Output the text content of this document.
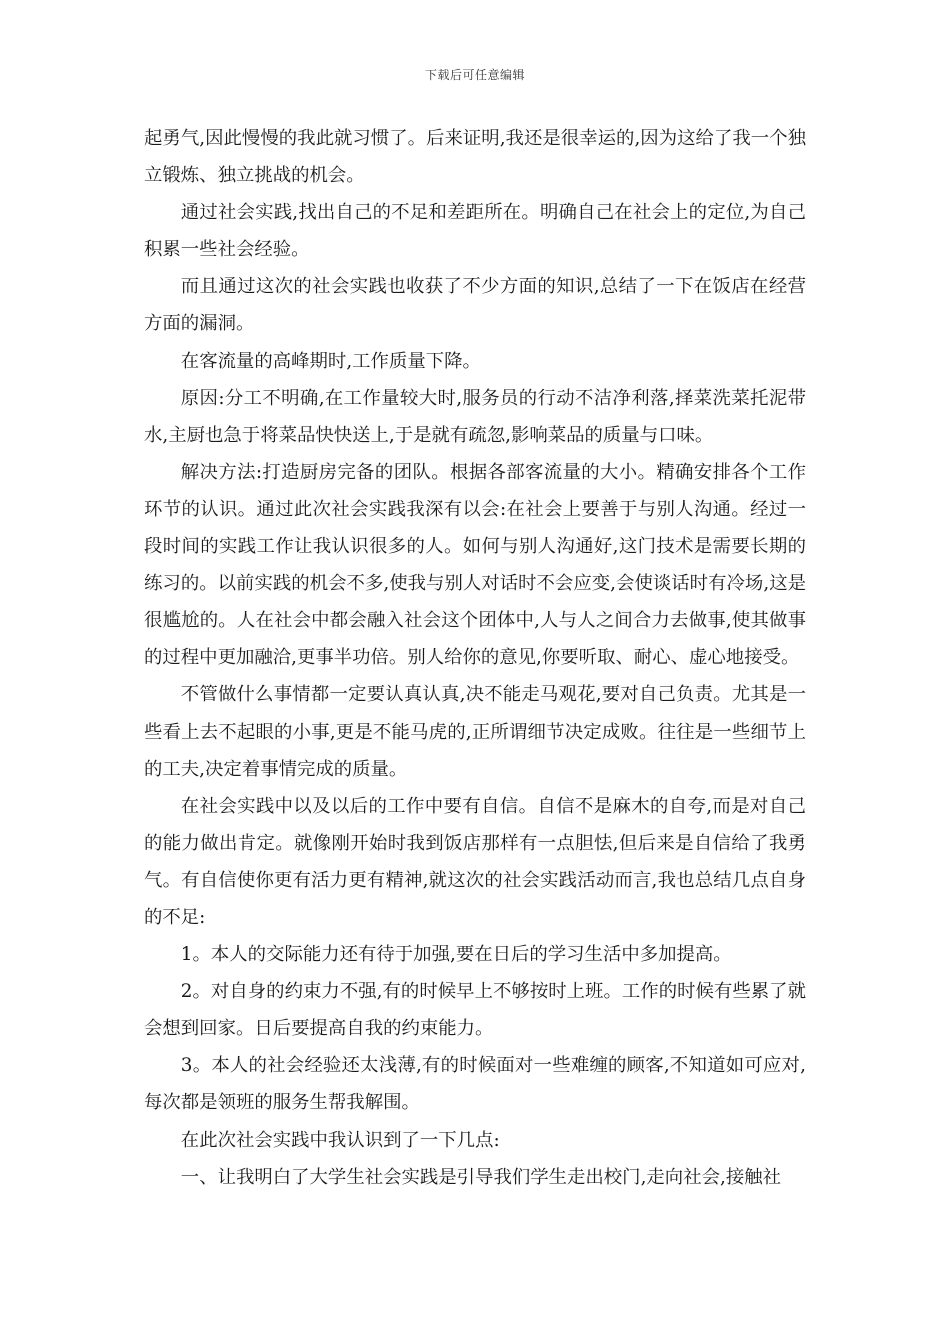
下载后可任意编辑

起勇气,因此慢慢的我此就习惯了。后来证明,我还是很幸运的,因为这给了我一个独立锻炼、独立挑战的机会。

通过社会实践,找出自己的不足和差距所在。明确自己在社会上的定位,为自己积累一些社会经验。

而且通过这次的社会实践也收获了不少方面的知识,总结了一下在饭店在经营方面的漏洞。

在客流量的高峰期时,工作质量下降。

原因:分工不明确,在工作量较大时,服务员的行动不洁净利落,择菜洗菜托泥带水,主厨也急于将菜品快快送上,于是就有疏忽,影响菜品的质量与口味。

解决方法:打造厨房完备的团队。根据各部客流量的大小。精确安排各个工作环节的认识。通过此次社会实践我深有以会:在社会上要善于与别人沟通。经过一段时间的实践工作让我认识很多的人。如何与别人沟通好,这门技术是需要长期的练习的。以前实践的机会不多,使我与别人对话时不会应变,会使谈话时有冷场,这是很尴尬的。人在社会中都会融入社会这个团体中,人与人之间合力去做事,使其做事的过程中更加融洽,更事半功倍。别人给你的意见,你要听取、耐心、虚心地接受。

不管做什么事情都一定要认真认真,决不能走马观花,要对自己负责。尤其是一些看上去不起眼的小事,更是不能马虎的,正所谓细节决定成败。往往是一些细节上的工夫,决定着事情完成的质量。

在社会实践中以及以后的工作中要有自信。自信不是麻木的自夸,而是对自己的能力做出肯定。就像刚开始时我到饭店那样有一点胆怯,但后来是自信给了我勇气。有自信使你更有活力更有精神,就这次的社会实践活动而言,我也总结几点自身的不足:

1。本人的交际能力还有待于加强,要在日后的学习生活中多加提高。

2。对自身的约束力不强,有的时候早上不够按时上班。工作的时候有些累了就会想到回家。日后要提高自我的约束能力。

3。本人的社会经验还太浅薄,有的时候面对一些难缠的顾客,不知道如可应对,每次都是领班的服务生帮我解围。

在此次社会实践中我认识到了一下几点:

一、让我明白了大学生社会实践是引导我们学生走出校门,走向社会,接触社
